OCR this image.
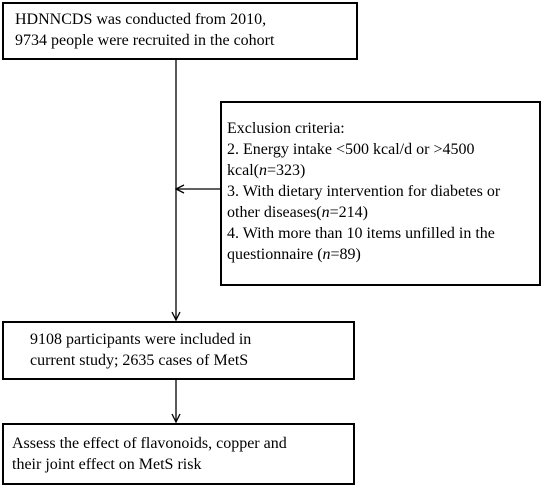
HDNNCDS was conducted from 2010,
9734 people were recruited in the cohort
Exclusion criteria:
2. Energy intake <500 kcal/d or >4500
kcal(n=323)
3. With dietary intervention for diabetes or
other diseases(n=214)
4. With more than 10 items unfilled in the
questionnaire (n=89)
9108 participants were included in
current study; 2635 cases of MetS
Assess the effect of flavonoids, copper and
their joint effect on MetS risk
